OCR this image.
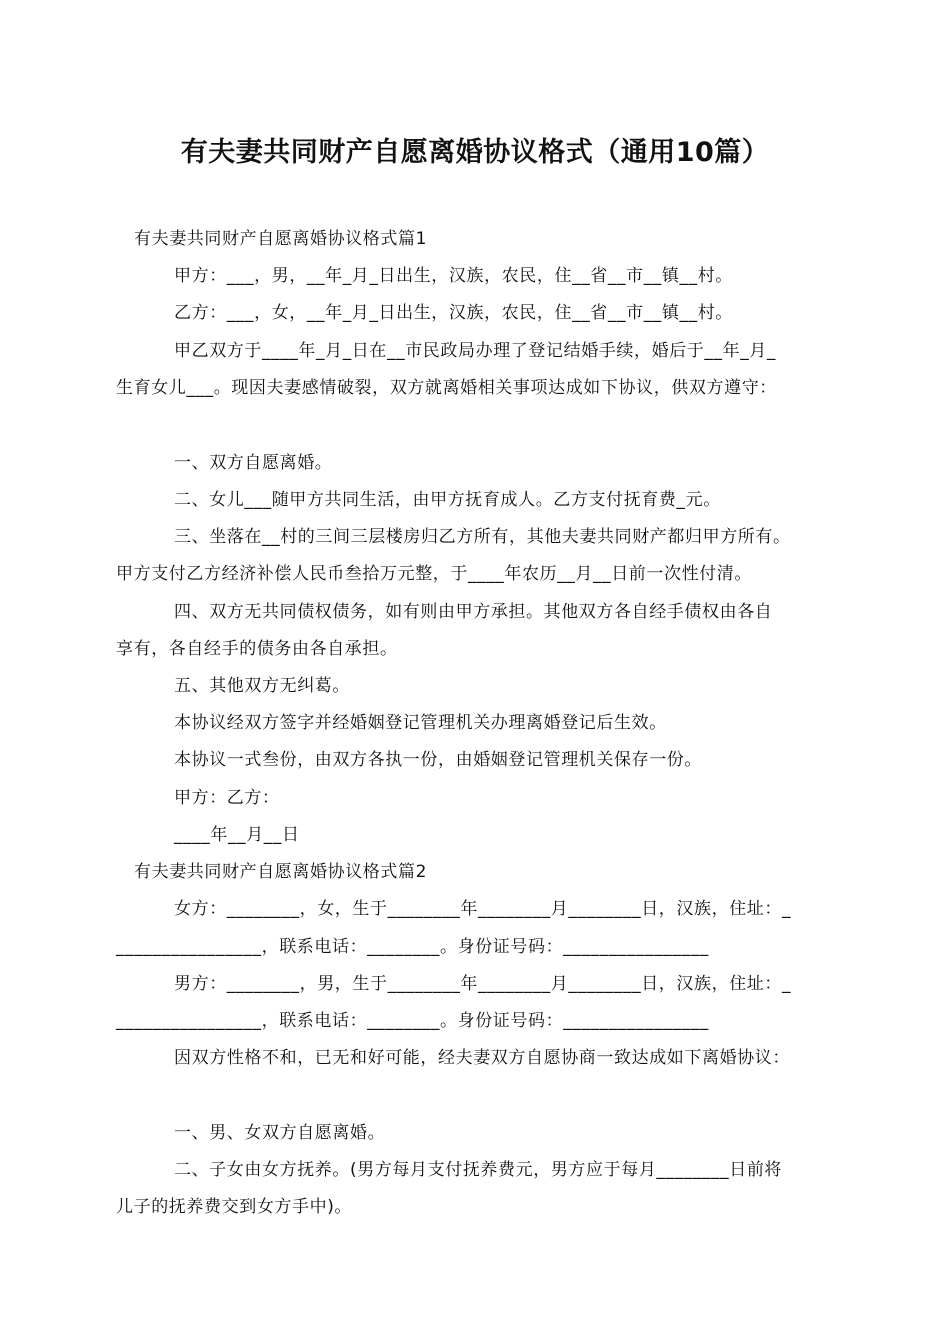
有夫妻共同财产自愿离婚协议格式（通用10篇）
有夫妻共同财产自愿离婚协议格式篇1
甲方：___，男，__年_月_日出生，汉族，农民，住__省__市__镇__村。
乙方：___，女，__年_月_日出生，汉族，农民，住__省__市__镇__村。
甲乙双方于____年_月_日在__市民政局办理了登记结婚手续，婚后于__年_月_
生育女儿___。现因夫妻感情破裂，双方就离婚相关事项达成如下协议，供双方遵守：
一、双方自愿离婚。
二、女儿___随甲方共同生活，由甲方抚育成人。乙方支付抚育费_元。
三、坐落在__村的三间三层楼房归乙方所有，其他夫妻共同财产都归甲方所有。
甲方支付乙方经济补偿人民币叁拾万元整，于____年农历__月__日前一次性付清。
四、双方无共同债权债务，如有则由甲方承担。其他双方各自经手债权由各自
享有，各自经手的债务由各自承担。
五、其他双方无纠葛。
本协议经双方签字并经婚姻登记管理机关办理离婚登记后生效。
本协议一式叁份，由双方各执一份，由婚姻登记管理机关保存一份。
甲方：乙方：
____年__月__日
有夫妻共同财产自愿离婚协议格式篇2
女方：________，女，生于________年________月________日，汉族，住址：_
________________，联系电话：________。身份证号码：________________
男方：________，男，生于________年________月________日，汉族，住址：_
________________，联系电话：________。身份证号码：________________
因双方性格不和，已无和好可能，经夫妻双方自愿协商一致达成如下离婚协议：
一、男、女双方自愿离婚。
二、子女由女方抚养。(男方每月支付抚养费元，男方应于每月________日前将
儿子的抚养费交到女方手中)。
